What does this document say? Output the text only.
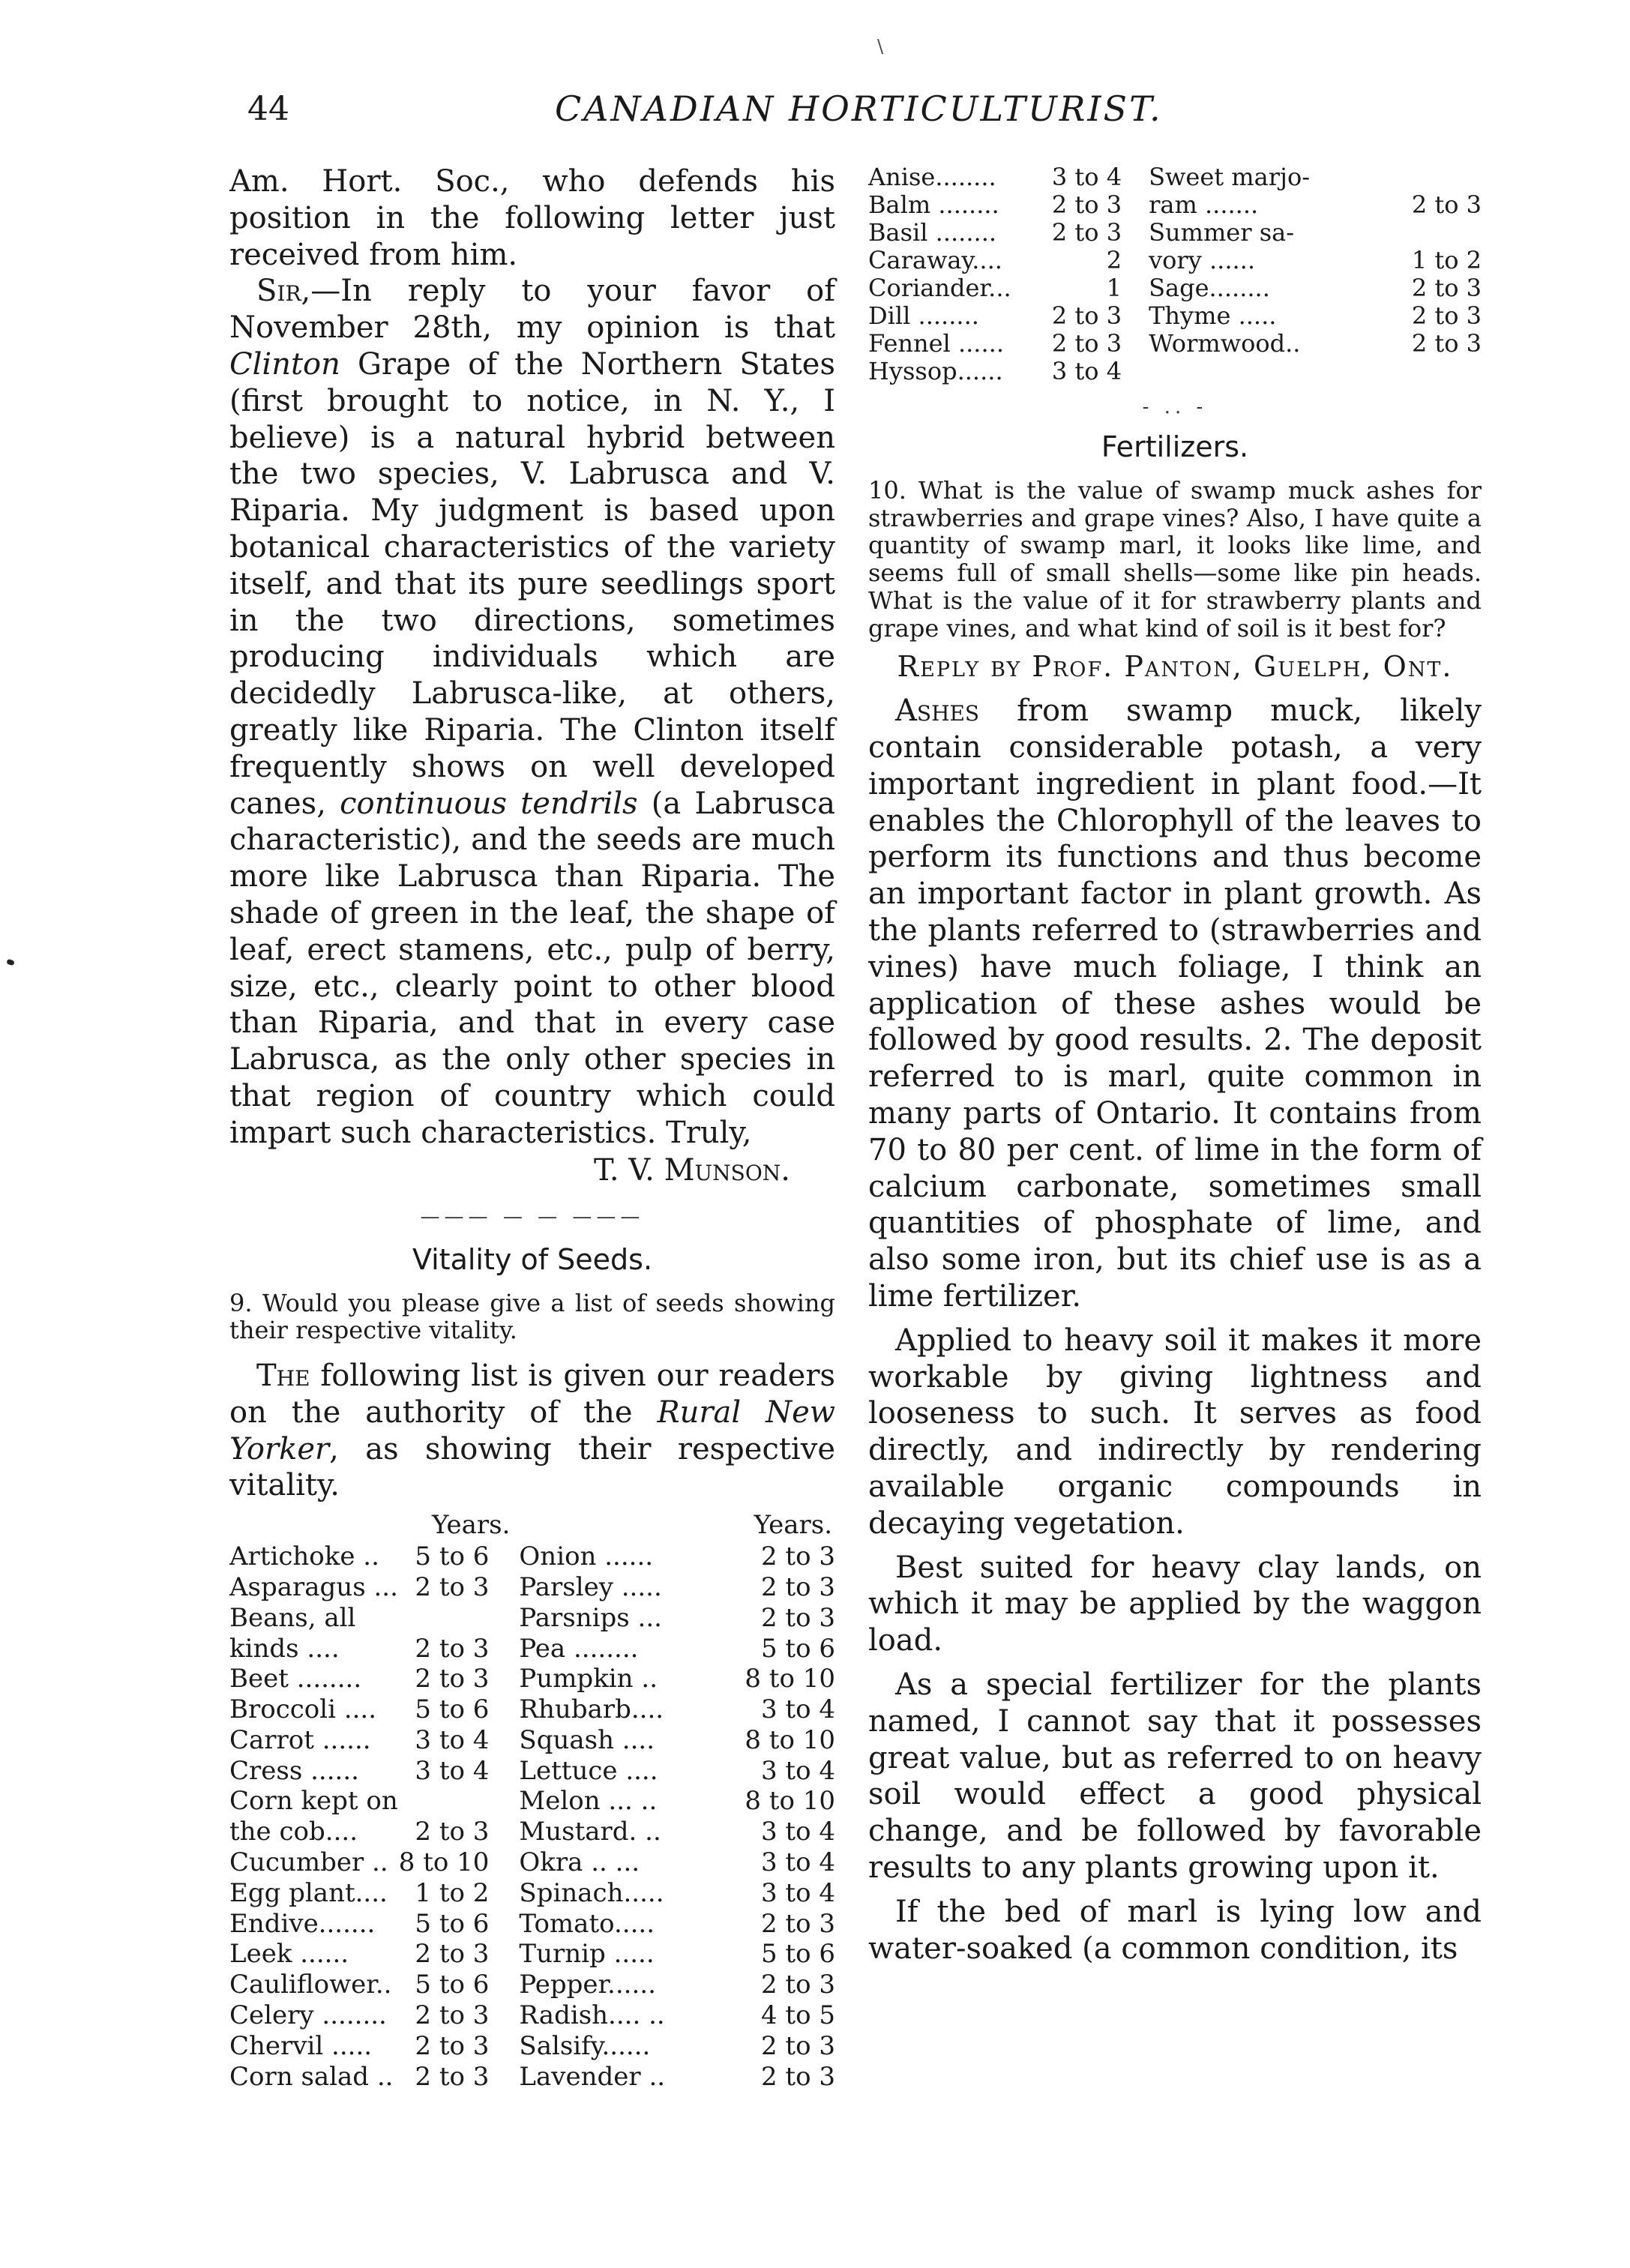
\
44	CANADIAN HORTICULTURIST.

Am. Hort. Soc., who defends his position in the following letter just received from him.

Sir,—In reply to your favor of November 28th, my opinion is that Clinton Grape of the Northern States (first brought to notice, in N. Y., I believe) is a natural hybrid between the two species, V. Labrusca and V. Riparia. My judgment is based upon botanical characteristics of the variety itself, and that its pure seedlings sport in the two directions, sometimes producing individuals which are decidedly Labrusca-like, at others, greatly like Riparia. The Clinton itself frequently shows on well developed canes, continuous tendrils (a Labrusca characteristic), and the seeds are much more like Labrusca than Riparia. The shade of green in the leaf, the shape of leaf, erect stamens, etc., pulp of berry, size, etc., clearly point to other blood than Riparia, and that in every case Labrusca, as the only other species in that region of country which could impart such characteristics. Truly,

T. V. Munson.
——— — — ———
Vitality of Seeds.

9. Would you please give a list of seeds showing their respective vitality.

The following list is given our readers on the authority of the Rural New Yorker, as showing their respective vitality.

	Years.		Years.
Artichoke ..	5 to 6	Onion ......	2 to 3
Asparagus ...	2 to 3	Parsley .....	2 to 3
Beans, all		Parsnips ...	2 to 3
kinds ....	2 to 3	Pea ........	5 to 6
Beet ........	2 to 3	Pumpkin ..	8 to 10
Broccoli ....	5 to 6	Rhubarb....	3 to 4
Carrot ......	3 to 4	Squash ....	8 to 10
Cress ......	3 to 4	Lettuce ....	3 to 4
Corn kept on		Melon ... ..	8 to 10
the cob....	2 to 3	Mustard. ..	3 to 4
Cucumber ..	8 to 10	Okra .. ...	3 to 4
Egg plant....	1 to 2	Spinach.....	3 to 4
Endive.......	5 to 6	Tomato.....	2 to 3
Leek ......	2 to 3	Turnip .....	5 to 6
Cauliflower..	5 to 6	Pepper......	2 to 3
Celery ........	2 to 3	Radish.... ..	4 to 5
Chervil .....	2 to 3	Salsify......	2 to 3
Corn salad ..	2 to 3	Lavender ..	2 to 3
Anise........	3 to 4	Sweet marjo-	
Balm ........	2 to 3	ram .......	2 to 3
Basil ........	2 to 3	Summer sa-	
Caraway....	2	vory ......	1 to 2
Coriander...	1	Sage........	2 to 3
Dill ........	2 to 3	Thyme .....	2 to 3
Fennel ......	2 to 3	Wormwood..	2 to 3
Hyssop......	3 to 4		
- .. -
Fertilizers.

10. What is the value of swamp muck ashes for strawberries and grape vines? Also, I have quite a quantity of swamp marl, it looks like lime, and seems full of small shells—some like pin heads. What is the value of it for strawberry plants and grape vines, and what kind of soil is it best for?

Reply by Prof. Panton, Guelph, Ont.

Ashes from swamp muck, likely contain considerable potash, a very important ingredient in plant food.—It enables the Chlorophyll of the leaves to perform its functions and thus become an important factor in plant growth. As the plants referred to (strawberries and vines) have much foliage, I think an application of these ashes would be followed by good results. 2. The deposit referred to is marl, quite common in many parts of Ontario. It contains from 70 to 80 per cent. of lime in the form of calcium carbonate, sometimes small quantities of phosphate of lime, and also some iron, but its chief use is as a lime fertilizer.

Applied to heavy soil it makes it more workable by giving lightness and looseness to such. It serves as food directly, and indirectly by rendering available organic compounds in decaying vegetation.

Best suited for heavy clay lands, on which it may be applied by the waggon load.

As a special fertilizer for the plants named, I cannot say that it possesses great value, but as referred to on heavy soil would effect a good physical change, and be followed by favorable results to any plants growing upon it.

If the bed of marl is lying low and water-soaked (a common condition, its
